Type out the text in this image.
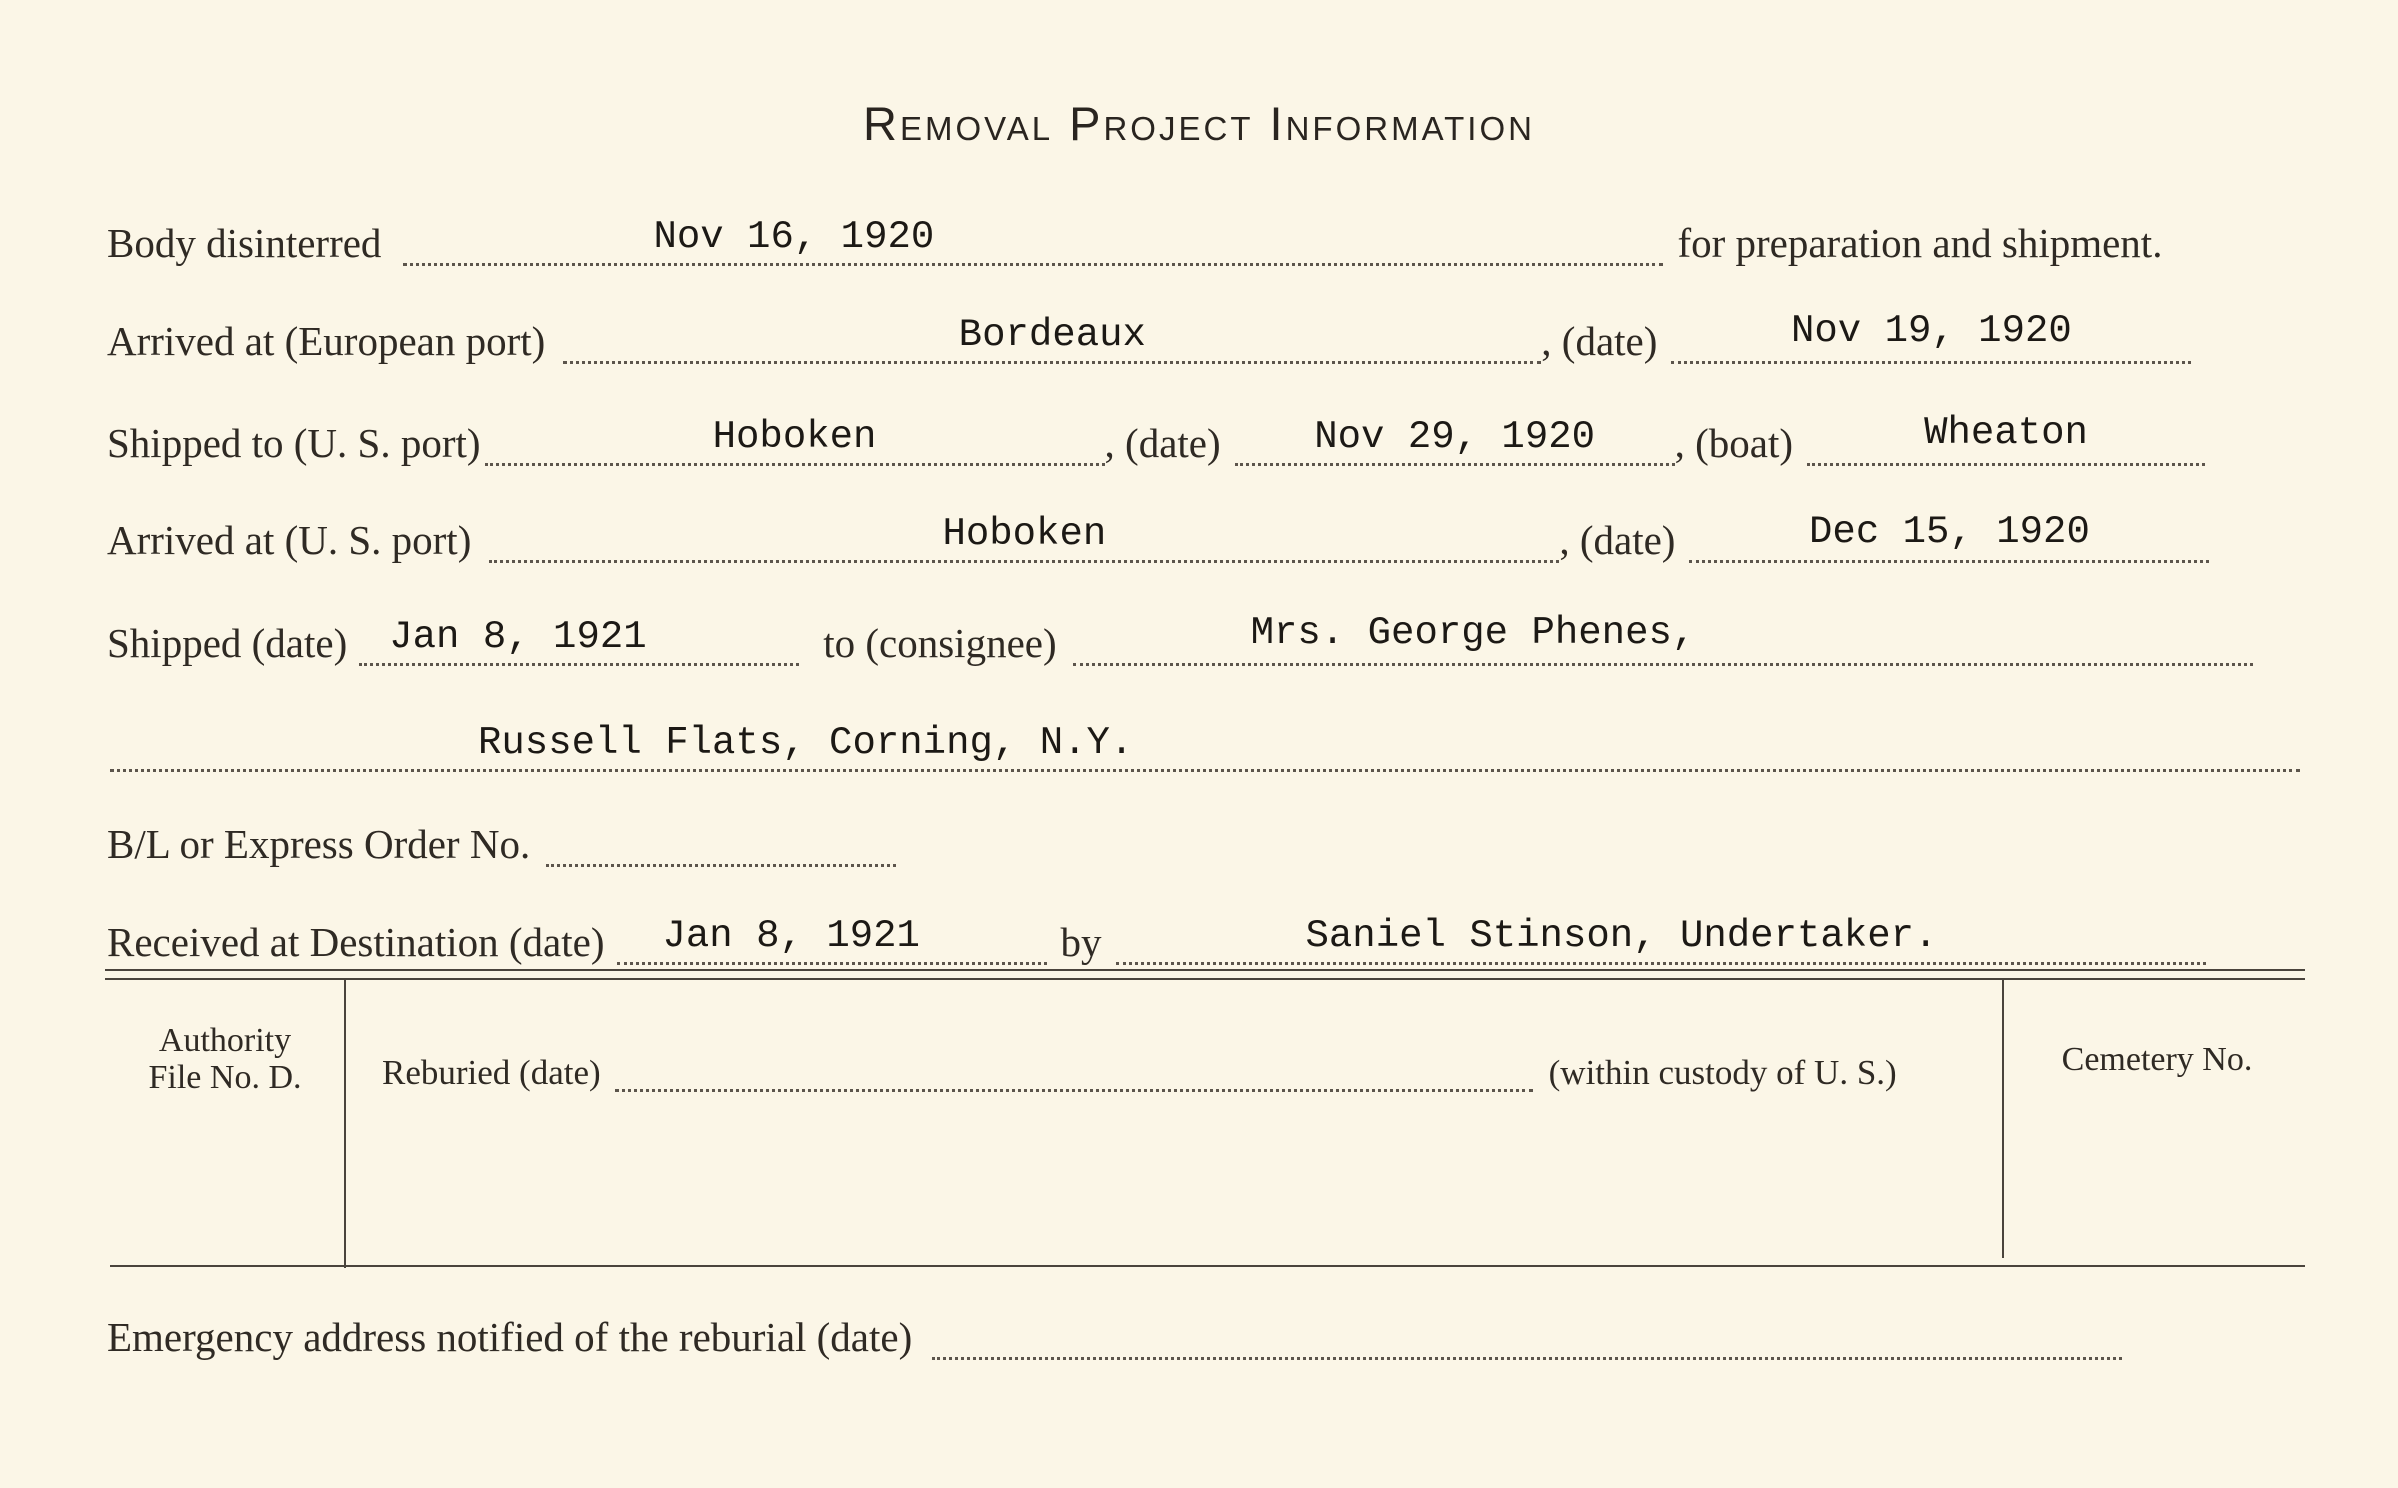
Removal Project Information
Body disinterred	Nov 16, 1920	for preparation and shipment.
Arrived at (European port)	Bordeaux	, (date)	Nov 19, 1920
Shipped to (U. S. port)	Hoboken	, (date)	Nov 29, 1920	, (boat)	Wheaton
Arrived at (U. S. port)	Hoboken	, (date)	Dec 15, 1920
Shipped (date) Jan 8, 1921	to (consignee)	Mrs. George Phenes,
Russell Flats, Corning, N.Y.
B/L or Express Order No.
Received at Destination (date) Jan 8, 1921	by	Saniel Stinson, Undertaker.
Authority
File No. D.	Reburied (date)	(within custody of U. S.)	Cemetery No.
Emergency address notified of the reburial (date)
